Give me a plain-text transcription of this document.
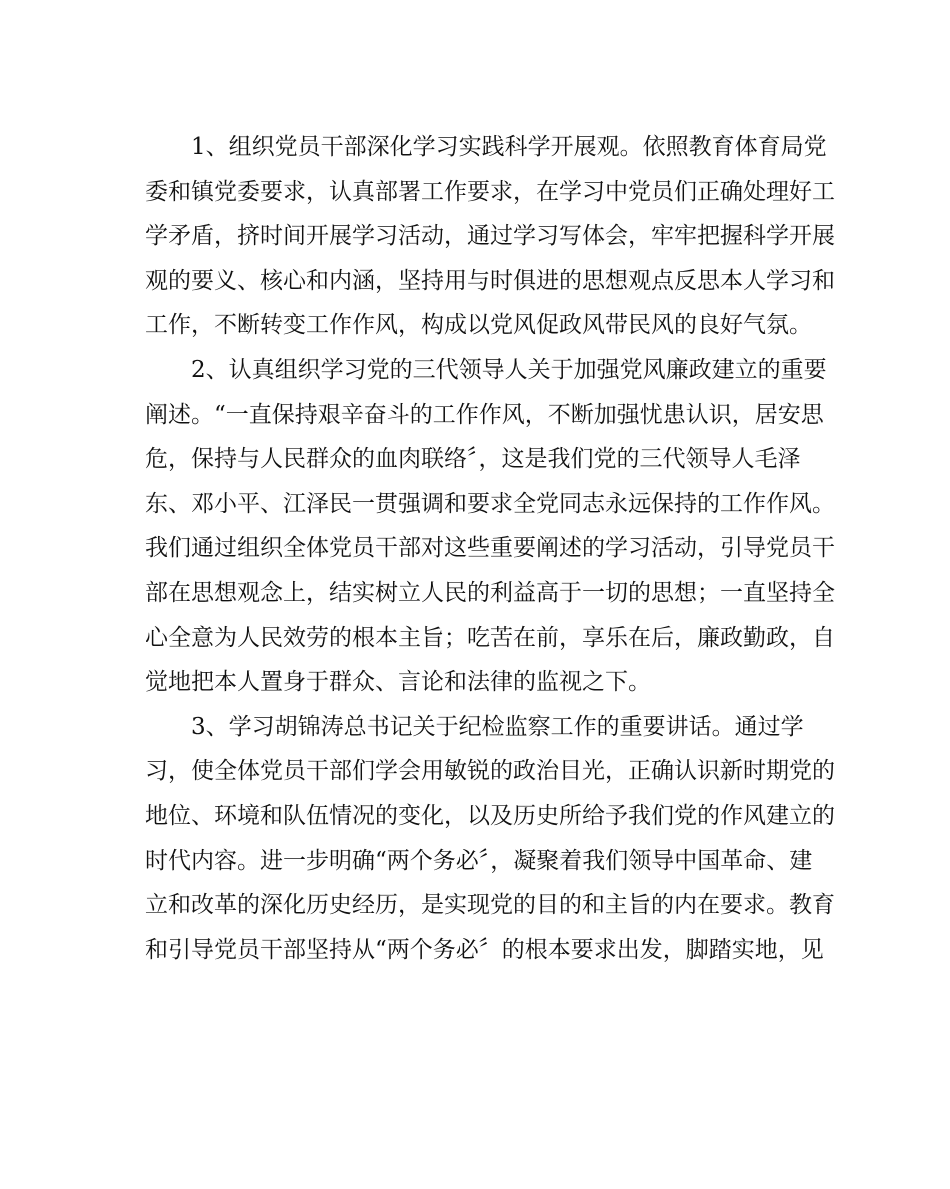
1、组织党员干部深化学习实践科学开展观。依照教育体育局党
委和镇党委要求，认真部署工作要求，在学习中党员们正确处理好工
学矛盾，挤时间开展学习活动，通过学习写体会，牢牢把握科学开展
观的要义、核心和内涵，坚持用与时俱进的思想观点反思本人学习和
工作，不断转变工作作风，构成以党风促政风带民风的良好气氛。
2、认真组织学习党的三代领导人关于加强党风廉政建立的重要
阐述。“一直保持艰辛奋斗的工作作风，不断加强忧患认识，居安思
危，保持与人民群众的血肉联络〞，这是我们党的三代领导人毛泽
东、邓小平、江泽民一贯强调和要求全党同志永远保持的工作作风。
我们通过组织全体党员干部对这些重要阐述的学习活动，引导党员干
部在思想观念上，结实树立人民的利益高于一切的思想；一直坚持全
心全意为人民效劳的根本主旨；吃苦在前，享乐在后，廉政勤政，自
觉地把本人置身于群众、言论和法律的监视之下。
3、学习胡锦涛总书记关于纪检监察工作的重要讲话。通过学
习，使全体党员干部们学会用敏锐的政治目光，正确认识新时期党的
地位、环境和队伍情况的变化，以及历史所给予我们党的作风建立的
时代内容。进一步明确“两个务必〞，凝聚着我们领导中国革命、建
立和改革的深化历史经历，是实现党的目的和主旨的内在要求。教育
和引导党员干部坚持从“两个务必〞的根本要求出发，脚踏实地，见
